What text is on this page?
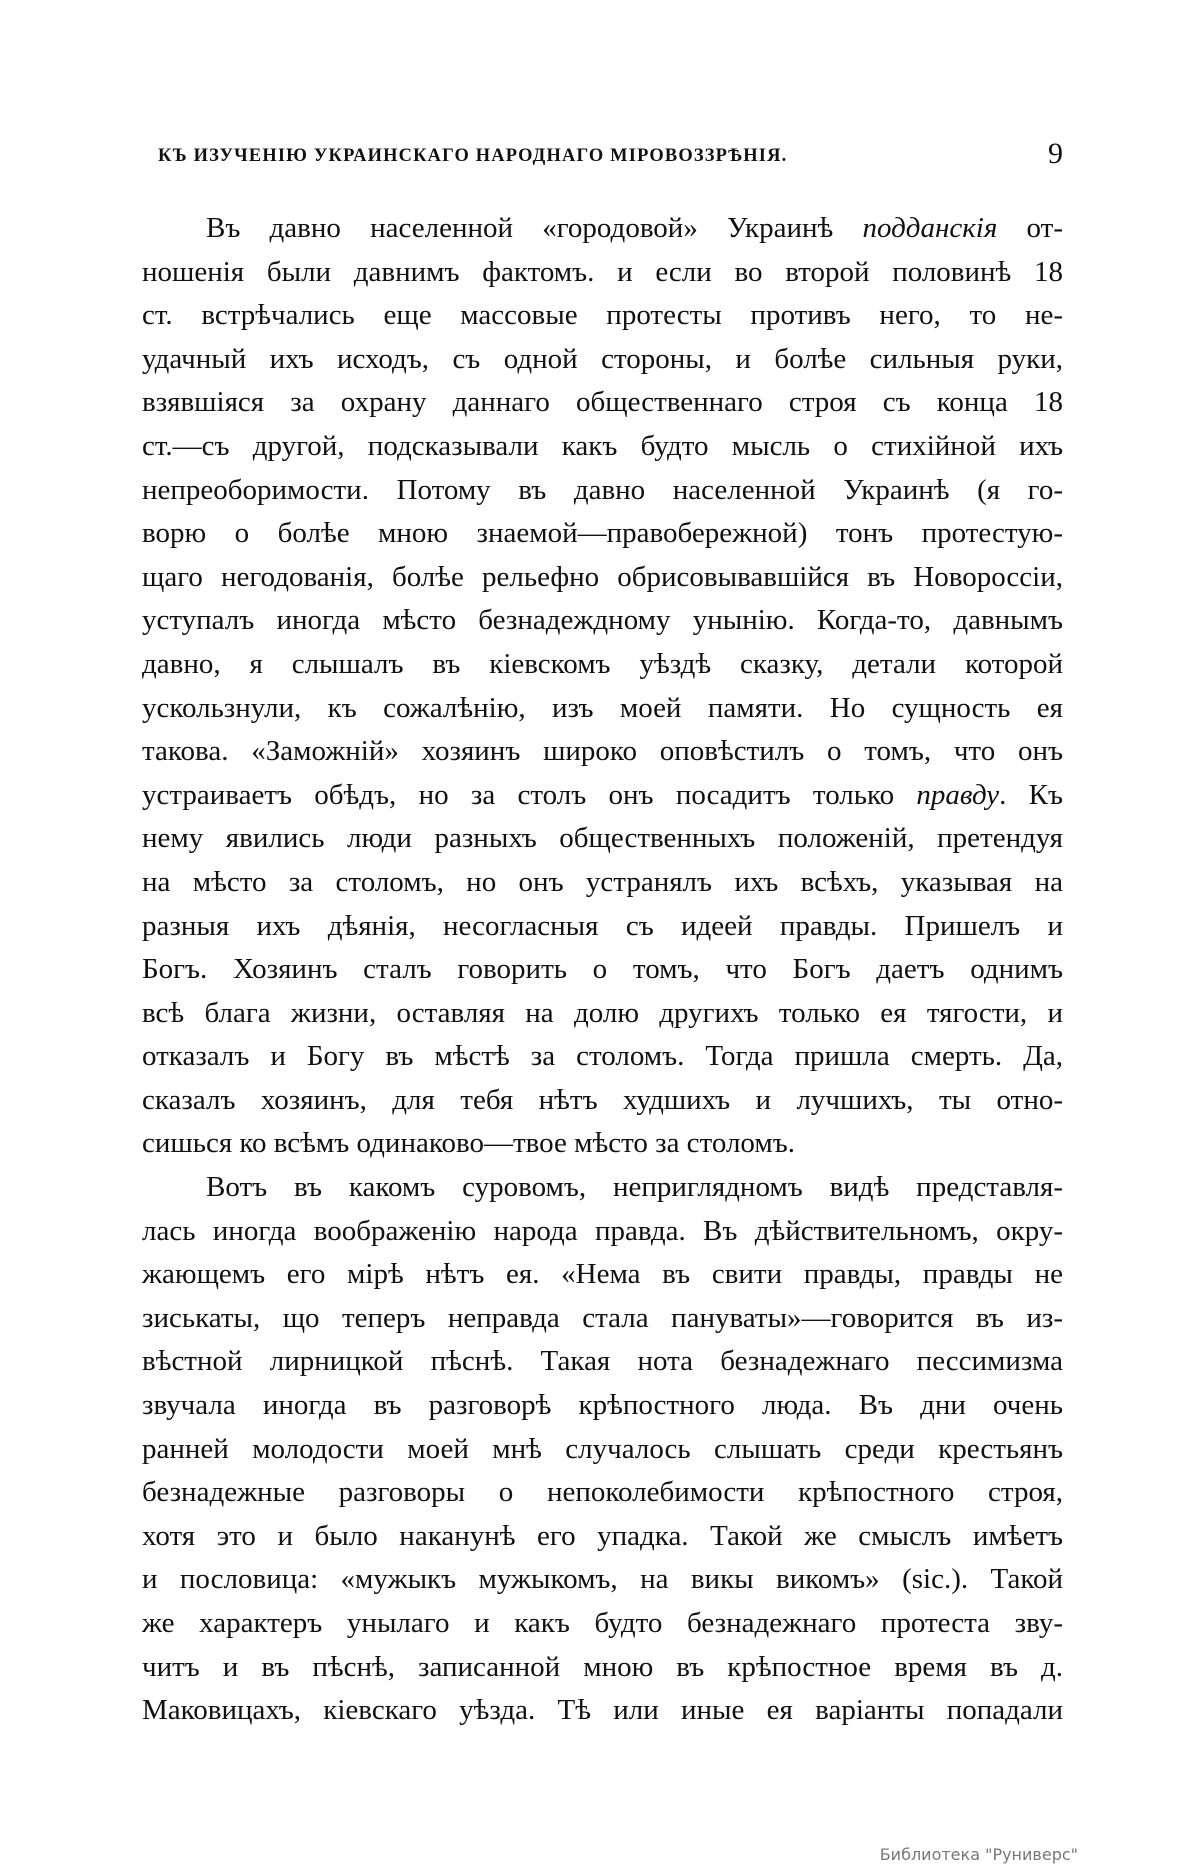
КЪ ИЗУЧЕНІЮ УКРАИНСКАГО НАРОДНАГО МІРОВОЗЗРѢНІЯ.	9
Въ давно населенной «городовой» Украинѣ подданскія от-
ношенія были давнимъ фактомъ. и если во второй половинѣ 18
ст. встрѣчались еще массовые протесты противъ него, то не-
удачный ихъ исходъ, съ одной стороны, и болѣе сильныя руки,
взявшіяся за охрану даннаго общественнаго строя съ конца 18
ст.—съ другой, подсказывали какъ будто мысль о стихійной ихъ
непреоборимости. Потому въ давно населенной Украинѣ (я го-
ворю о болѣе мною знаемой—правобережной) тонъ протестую-
щаго негодованія, болѣе рельефно обрисовывавшійся въ Новороссіи,
уступалъ иногда мѣсто безнадеждному унынію. Когда-то, давнымъ
давно, я слышалъ въ кіевскомъ уѣздѣ сказку, детали которой
ускользнули, къ сожалѣнію, изъ моей памяти. Но сущность ея
такова. «Заможній» хозяинъ широко оповѣстилъ о томъ, что онъ
устраиваетъ обѣдъ, но за столъ онъ посадитъ только правду. Къ
нему явились люди разныхъ общественныхъ положеній, претендуя
на мѣсто за столомъ, но онъ устранялъ ихъ всѣхъ, указывая на
разныя ихъ дѣянія, несогласныя съ идеей правды. Пришелъ и
Богъ. Хозяинъ сталъ говорить о томъ, что Богъ даетъ однимъ
всѣ блага жизни, оставляя на долю другихъ только ея тягости, и
отказалъ и Богу въ мѣстѣ за столомъ. Тогда пришла смерть. Да,
сказалъ хозяинъ, для тебя нѣтъ худшихъ и лучшихъ, ты отно-
сишься ко всѣмъ одинаково—твое мѣсто за столомъ.
Вотъ въ какомъ суровомъ, неприглядномъ видѣ представля-
лась иногда воображенію народа правда. Въ дѣйствительномъ, окру-
жающемъ его мірѣ нѣтъ ея. «Нема въ свити правды, правды не
зиськаты, що теперъ неправда стала пануваты»—говорится въ из-
вѣстной лирницкой пѣснѣ. Такая нота безнадежнаго пессимизма
звучала иногда въ разговорѣ крѣпостного люда. Въ дни очень
ранней молодости моей мнѣ случалось слышать среди крестьянъ
безнадежные разговоры о непоколебимости крѣпостного строя,
хотя это и было наканунѣ его упадка. Такой же смыслъ имѣетъ
и пословица: «мужыкъ мужыкомъ, на викы викомъ» (sic.). Такой
же характеръ унылаго и какъ будто безнадежнаго протеста зву-
читъ и въ пѣснѣ, записанной мною въ крѣпостное время въ д.
Маковицахъ, кіевскаго уѣзда. Тѣ или иные ея варіанты попадали
Библиотека "Руниверс"
